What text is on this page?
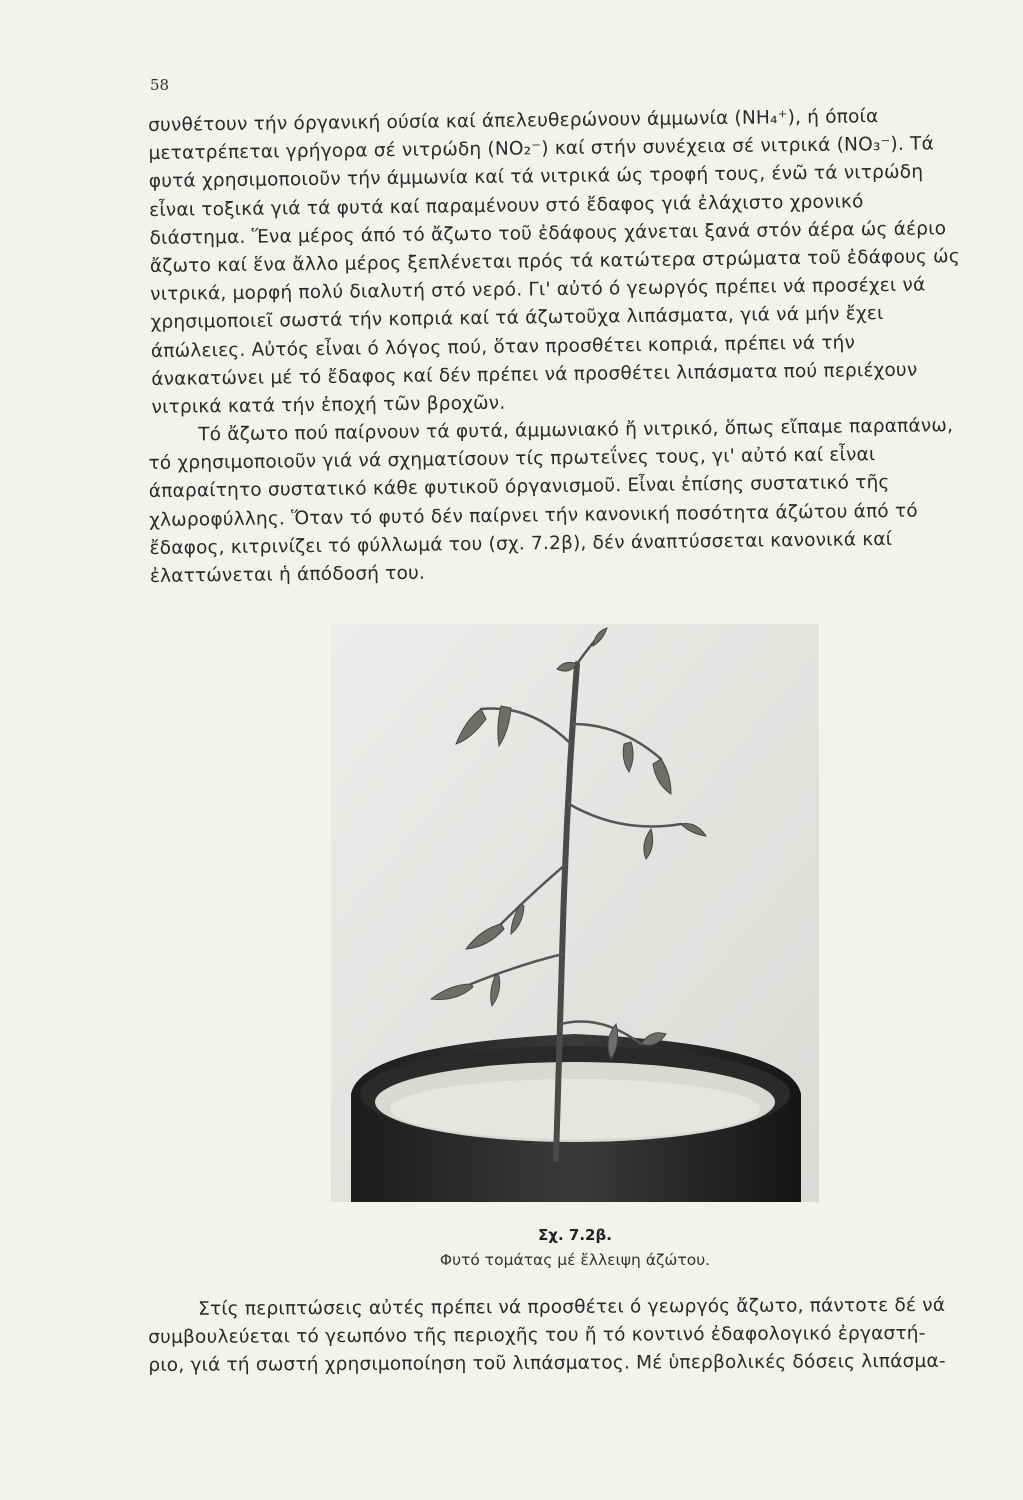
58
συνθέτουν τήν όργανική ούσία καί άπελευθερώνουν άμμωνία (ΝΗ₄⁺), ή όποία
μετατρέπεται γρήγορα σέ νιτρώδη (ΝΟ₂⁻) καί στήν συνέχεια σέ νιτρικά (ΝΟ₃⁻). Τά
φυτά χρησιμοποιοῦν τήν άμμωνία καί τά νιτρικά ώς τροφή τους, ένῶ τά νιτρώδη
εἶναι τοξικά γιά τά φυτά καί παραμένουν στό ἔδαφος γιά ἐλάχιστο χρονικό
διάστημα. Ἕνα μέρος άπό τό ἄζωτο τοῦ ἐδάφους χάνεται ξανά στόν άέρα ώς άέριο
ἄζωτο καί ἕνα ἄλλο μέρος ξεπλένεται πρός τά κατώτερα στρώματα τοῦ ἐδάφους ώς
νιτρικά, μορφή πολύ διαλυτή στό νερό. Γι' αὐτό ό γεωργός πρέπει νά προσέχει νά
χρησιμοποιεῖ σωστά τήν κοπριά καί τά άζωτοῦχα λιπάσματα, γιά νά μήν ἔχει
άπώλειες. Αὐτός εἶναι ό λόγος πού, ὅταν προσθέτει κοπριά, πρέπει νά τήν
άνακατώνει μέ τό ἔδαφος καί δέν πρέπει νά προσθέτει λιπάσματα πού περιέχουν
νιτρικά κατά τήν ἐποχή τῶν βροχῶν.
Τό ἄζωτο πού παίρνουν τά φυτά, άμμωνιακό ἤ νιτρικό, ὅπως εἴπαμε παραπάνω,
τό χρησιμοποιοῦν γιά νά σχηματίσουν τίς πρωτεΐνες τους, γι' αὐτό καί εἶναι
άπαραίτητο συστατικό κάθε φυτικοῦ όργανισμοῦ. Εἶναι ἐπίσης συστατικό τῆς
χλωροφύλλης. Ὅταν τό φυτό δέν παίρνει τήν κανονική ποσότητα άζώτου άπό τό
ἔδαφος, κιτρινίζει τό φύλλωμά του (σχ. 7.2β), δέν άναπτύσσεται κανονικά καί
ἐλαττώνεται ἡ άπόδοσή του.
Σχ. 7.2β.
Φυτό τομάτας μέ ἔλλειψη άζώτου.
Στίς περιπτώσεις αὐτές πρέπει νά προσθέτει ό γεωργός ἄζωτο, πάντοτε δέ νά
συμβουλεύεται τό γεωπόνο τῆς περιοχῆς του ἤ τό κοντινό ἐδαφολογικό ἐργαστή-
ριο, γιά τή σωστή χρησιμοποίηση τοῦ λιπάσματος. Μέ ὑπερβολικές δόσεις λιπάσμα-
